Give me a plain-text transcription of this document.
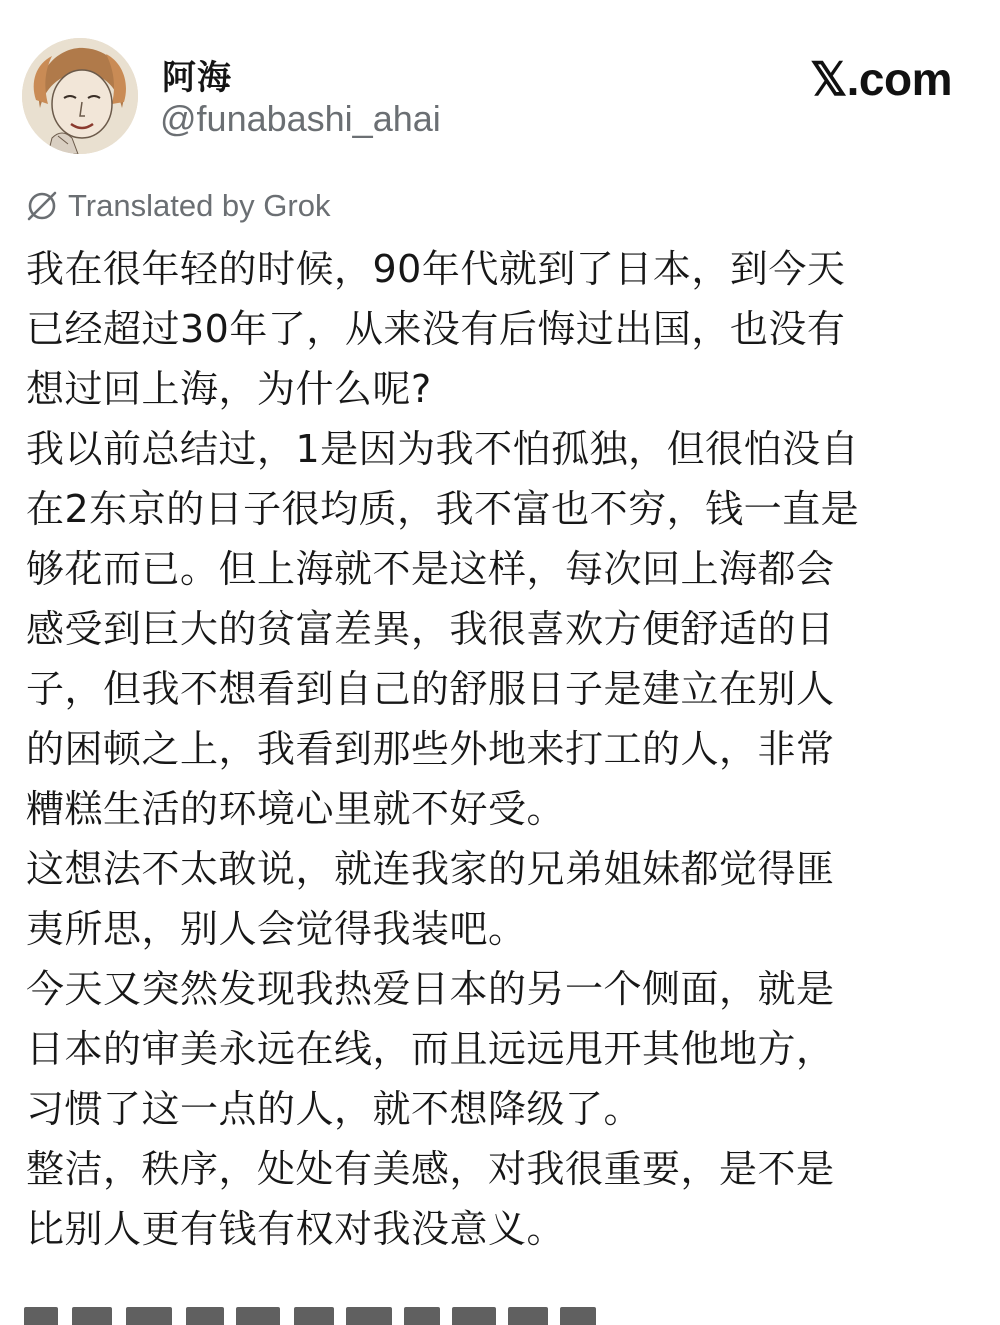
阿海
@funabashi_ahai
𝕏.com
Translated by Grok
我在很年轻的时候，90年代就到了日本，到今天
已经超过30年了，从来没有后悔过出国，也没有
想过回上海，为什么呢?
我以前总结过，1是因为我不怕孤独，但很怕没自
在2东京的日子很均质，我不富也不穷，钱一直是
够花而已。但上海就不是这样，每次回上海都会
感受到巨大的贫富差異，我很喜欢方便舒适的日
子，但我不想看到自己的舒服日子是建立在别人
的困顿之上，我看到那些外地来打工的人，非常
糟糕生活的环境心里就不好受。
这想法不太敢说，就连我家的兄弟姐妹都觉得匪
夷所思，别人会觉得我装吧。
今天又突然发现我热爱日本的另一个侧面，就是
日本的审美永远在线，而且远远甩开其他地方，
习惯了这一点的人，就不想降级了。
整洁，秩序，处处有美感，对我很重要，是不是
比别人更有钱有权对我没意义。
